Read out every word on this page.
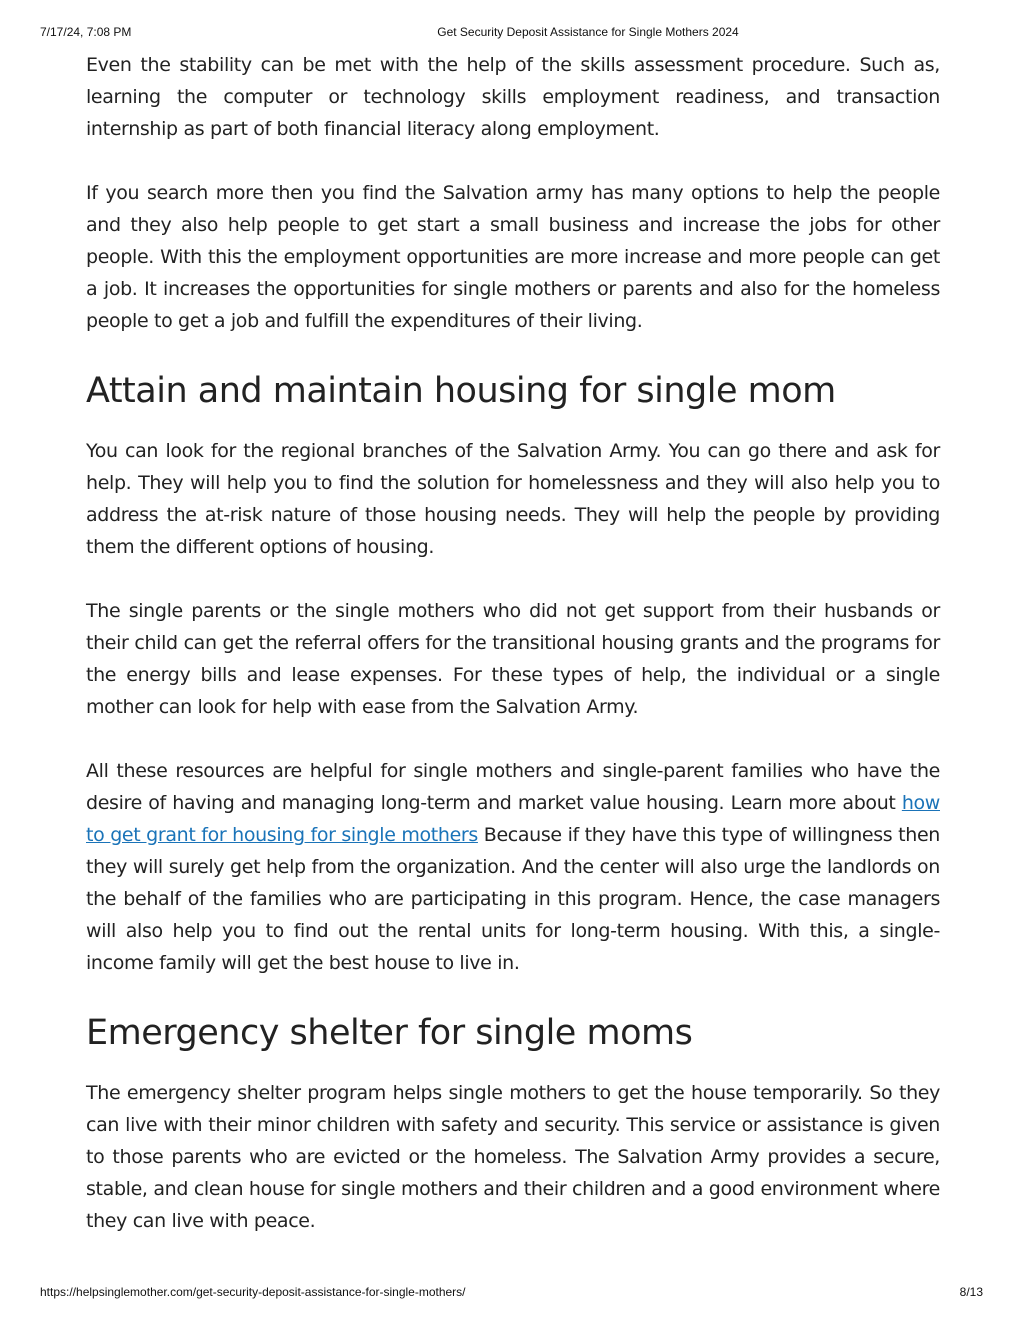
7/17/24, 7:08 PM	Get Security Deposit Assistance for Single Mothers 2024

Even the stability can be met with the help of the skills assessment procedure. Such as, learning the computer or technology skills employment readiness, and transaction internship as part of both financial literacy along employment.

If you search more then you find the Salvation army has many options to help the people and they also help people to get start a small business and increase the jobs for other people. With this the employment opportunities are more increase and more people can get a job. It increases the opportunities for single mothers or parents and also for the homeless people to get a job and fulfill the expenditures of their living.

Attain and maintain housing for single mom

You can look for the regional branches of the Salvation Army. You can go there and ask for help. They will help you to find the solution for homelessness and they will also help you to address the at-risk nature of those housing needs. They will help the people by providing them the different options of housing.

The single parents or the single mothers who did not get support from their husbands or their child can get the referral offers for the transitional housing grants and the programs for the energy bills and lease expenses. For these types of help, the individual or a single mother can look for help with ease from the Salvation Army.

All these resources are helpful for single mothers and single-parent families who have the desire of having and managing long-term and market value housing. Learn more about how to get grant for housing for single mothers Because if they have this type of willingness then they will surely get help from the organization. And the center will also urge the landlords on the behalf of the families who are participating in this program. Hence, the case managers will also help you to find out the rental units for long-term housing. With this, a single-income family will get the best house to live in.

Emergency shelter for single moms

The emergency shelter program helps single mothers to get the house temporarily. So they can live with their minor children with safety and security. This service or assistance is given to those parents who are evicted or the homeless. The Salvation Army provides a secure, stable, and clean house for single mothers and their children and a good environment where they can live with peace.

https://helpsinglemother.com/get-security-deposit-assistance-for-single-mothers/	8/13
